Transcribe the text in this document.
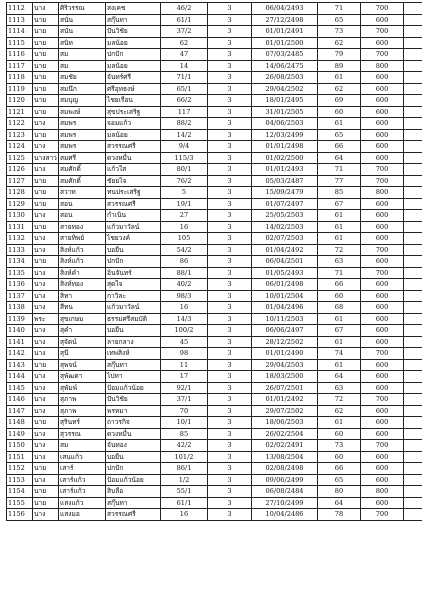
1112	นาง	ศิริวรรณ	สงเคช	46/2	3	06/04/2493	71	700	
1113	นาย	สนั่น	สกุ๊นทา	61/1	3	27/12/2498	65	600	
1114	นาย	สนั่น	ปันวิชัย	37/2	3	01/01/2491	73	700	
1115	นาย	สนิท	มลน้อย	62	3	01/01/2500	62	600	
1116	นาย	สม	ปกปัก	47	3	07/03/2485	79	700	
1117	นาย	สม	มลน้อย	14	3	14/06/2475	89	800	
1118	นาย	สมชัย	จันทร์ศรี	71/1	3	26/08/2503	61	600	
1119	นาย	สมนึก	ศรีอุทธงษ์	65/1	3	29/04/2502	62	600	
1120	นาย	สมบุญ	ไชยเรือน	66/2	3	18/01/2495	69	600	
1121	นาย	สมพงษ์	สุขประเสริฐ	117	3	31/01/2505	60	600	
1122	นาง	สมพร	จอมแก้ว	88/2	3	04/06/2503	61	600	
1123	นาย	สมพร	มลน้อย	14/2	3	12/03/2499	65	600	
1124	นาง	สมพร	สวรรณศรี	9/4	3	01/01/2498	66	600	
1125	นางสาว	สมศรี	ดวงหมื่น	115/3	3	01/02/2500	64	600	
1126	นาง	สมศักดิ์	แก้วใส	80/1	3	01/01/2493	71	700	
1127	นาย	สมศักดิ์	ชัยยไจ	76/2	3	05/03/2487	77	700	
1128	นาย	สวาท	ทนประเสริฐ	5	3	15/09/2479	85	800	
1129	นาย	สอน	สวรรณศรี	19/1	3	01/07/2497	67	600	
1130	นาง	สอน	กำเนิน	27	3	25/05/2503	61	600	
1131	นาย	สายทอง	แก้วมาวัลน์	16	3	14/02/2503	61	600	
1132	นาง	สายทิพย์	ไชยวงค์	105	3	02/07/2503	61	600	
1133	นาง	สิงห์แก้ว	บอยืน	54/2	3	01/04/2492	72	700	
1134	นาย	สิงห์แก้ว	ปกปัก	86	3	06/04/2501	63	600	
1135	นาง	สิงห์คำ	อินจันทร์	88/1	3	01/05/2493	71	700	
1136	นาง	สิงห์ทอง	สุดใจ	40/2	3	06/01/2498	66	600	
1137	นาง	สิทา	กาวิละ	98/3	3	10/01/2504	60	600	
1138	นาง	สีทน	แก้วมาวัลน์	16	3	01/04/2496	68	600	
1139	พระ	สุขเกษม	ธรรมศรีสมบัติ	14/3	3	10/11/2503	61	600	
1140	นาง	สุคำ	บอยืน	100/2	3	06/06/2497	67	600	
1141	นาง	สุจัตน์	ลายกลาง	45	3	28/12/2502	61	600	
1142	นาง	สุนี	เทพสิงห์	98	3	01/01/2490	74	700	
1143	นาย	สุพจน์	สกุ๊นทา	11	3	29/04/2503	61	600	
1144	นาง	สุพัฒตา	ไปทา	17	3	18/03/2500	64	600	
1145	นาง	สุพัมพ์	ป้อมแก้วน้อย	92/1	3	26/07/2501	63	600	
1146	นาง	สุภาพ	ปันวิชัย	37/1	3	01/01/2492	72	700	
1147	นาง	สุภาพ	พรหมา	70	3	29/07/2502	62	600	
1148	นาย	สุรินทร์	ถาวรกิจ	10/1	3	18/06/2503	61	600	
1149	นาง	สุวรรณ	ดวงหมื่น	85	3	26/02/2504	60	600	
1150	นาง	สม	จันทอง	42/2	3	02/02/2491	73	700	
1151	นาง	เสนแก้ว	บอยืน	101/2	3	13/08/2504	60	600	
1152	นาย	เสาร์	ปกปัก	86/1	3	02/08/2498	66	600	
1153	นาง	เสาร์แก้ว	ป้อมแก้วน้อย	1/2	3	09/06/2499	65	600	
1154	นาย	เสาร์แก้ว	สิบลือ	55/1	3	06/08/2484	80	800	
1155	นาย	แสงแก้ว	สกุ๊นทา	61/1	3	27/10/2499	64	600	
1156	นาง	แสงมอ	สวรรณศรี	16	3	10/04/2486	78	700	
